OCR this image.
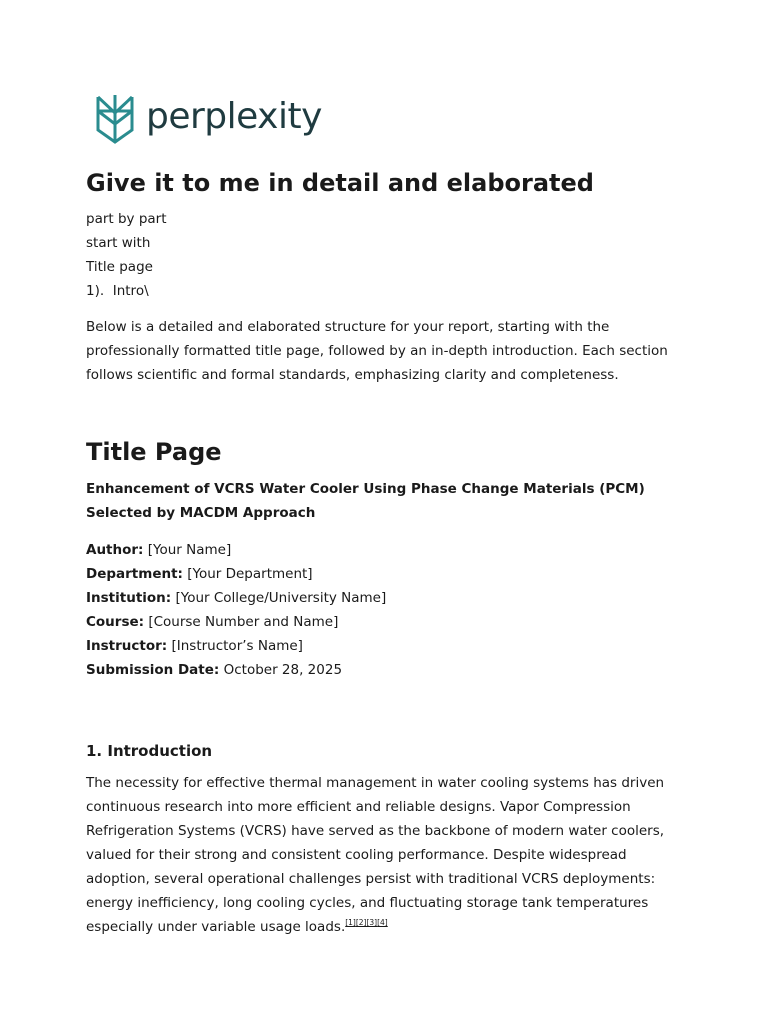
perplexity
Give it to me in detail and elaborated
part by part
start with
Title page
1).  Intro\

Below is a detailed and elaborated structure for your report, starting with the professionally formatted title page, followed by an in-depth introduction. Each section follows scientific and formal standards, emphasizing clarity and completeness.

Title Page

Enhancement of VCRS Water Cooler Using Phase Change Materials (PCM) Selected by MACDM Approach

Author: [Your Name]
Department: [Your Department]
Institution: [Your College/University Name]
Course: [Course Number and Name]
Instructor: [Instructor’s Name]
Submission Date: October 28, 2025
1. Introduction

The necessity for effective thermal management in water cooling systems has driven continuous research into more efficient and reliable designs. Vapor Compression Refrigeration Systems (VCRS) have served as the backbone of modern water coolers, valued for their strong and consistent cooling performance. Despite widespread adoption, several operational challenges persist with traditional VCRS deployments: energy inefficiency, long cooling cycles, and fluctuating storage tank temperatures especially under variable usage loads.[1][2][3][4]
